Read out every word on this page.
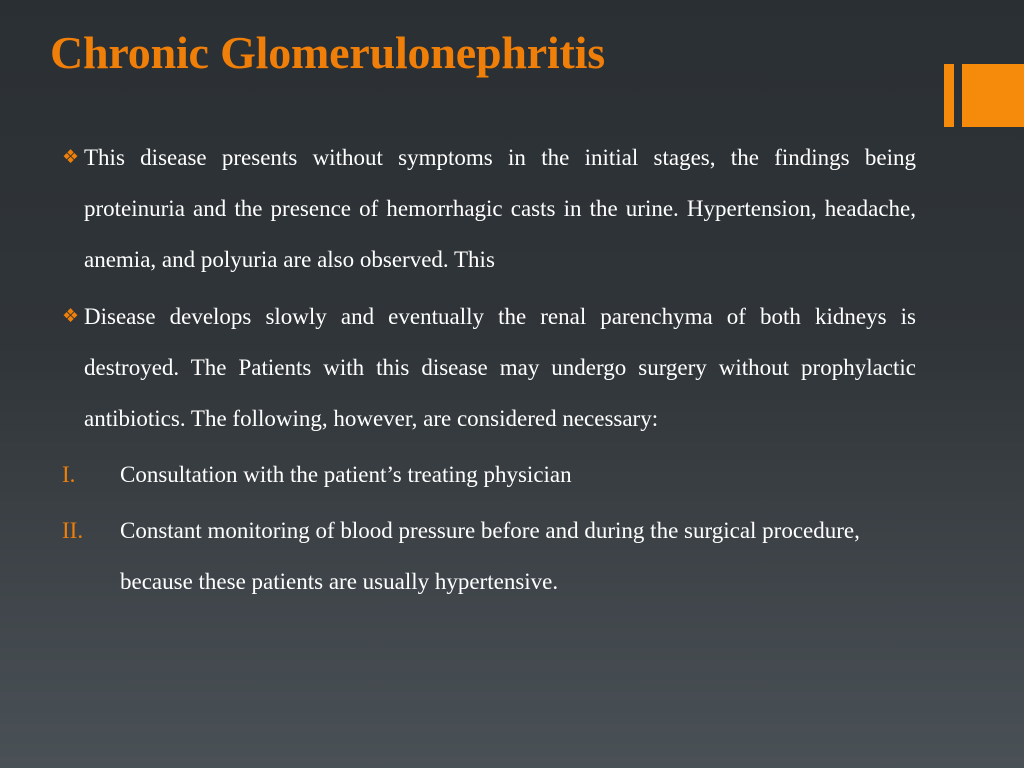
Chronic Glomerulonephritis
❖ This disease presents without symptoms in the initial stages, the findings being proteinuria and the presence of hemorrhagic casts in the urine. Hypertension, headache, anemia, and polyuria are also observed. This
❖ Disease develops slowly and eventually the renal parenchyma of both kidneys is destroyed. The Patients with this disease may undergo surgery without prophylactic antibiotics. The following, however, are considered necessary:
I. Consultation with the patient’s treating physician
II. Constant monitoring of blood pressure before and during the surgical procedure, because these patients are usually hypertensive.
